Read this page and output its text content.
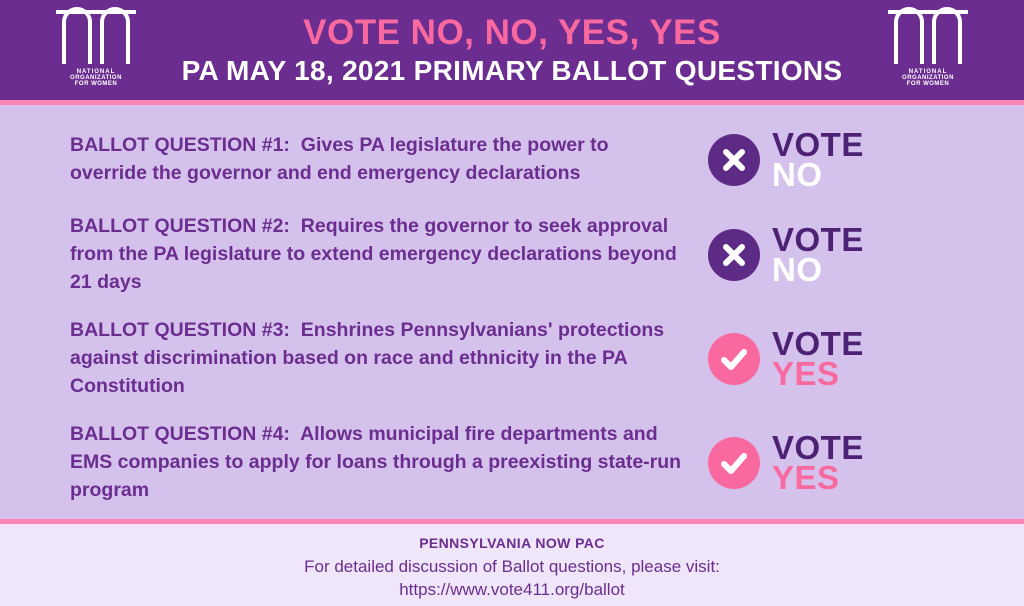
NATIONAL
ORGANIZATION
FOR WOMEN
VOTE NO, NO, YES, YES
PA MAY 18, 2021 PRIMARY BALLOT QUESTIONS	NATIONAL
ORGANIZATION
FOR WOMEN
BALLOT QUESTION #1: Gives PA legislature the power to override the governor and end emergency declarations
VOTE
NO
BALLOT QUESTION #2: Requires the governor to seek approval from the PA legislature to extend emergency declarations beyond 21 days
VOTE
NO
BALLOT QUESTION #3: Enshrines Pennsylvanians' protections against discrimination based on race and ethnicity in the PA Constitution
VOTE
YES
BALLOT QUESTION #4: Allows municipal fire departments and EMS companies to apply for loans through a preexisting state-run program
VOTE
YES
PENNSYLVANIA NOW PAC
For detailed discussion of Ballot questions, please visit:
https://www.vote411.org/ballot
